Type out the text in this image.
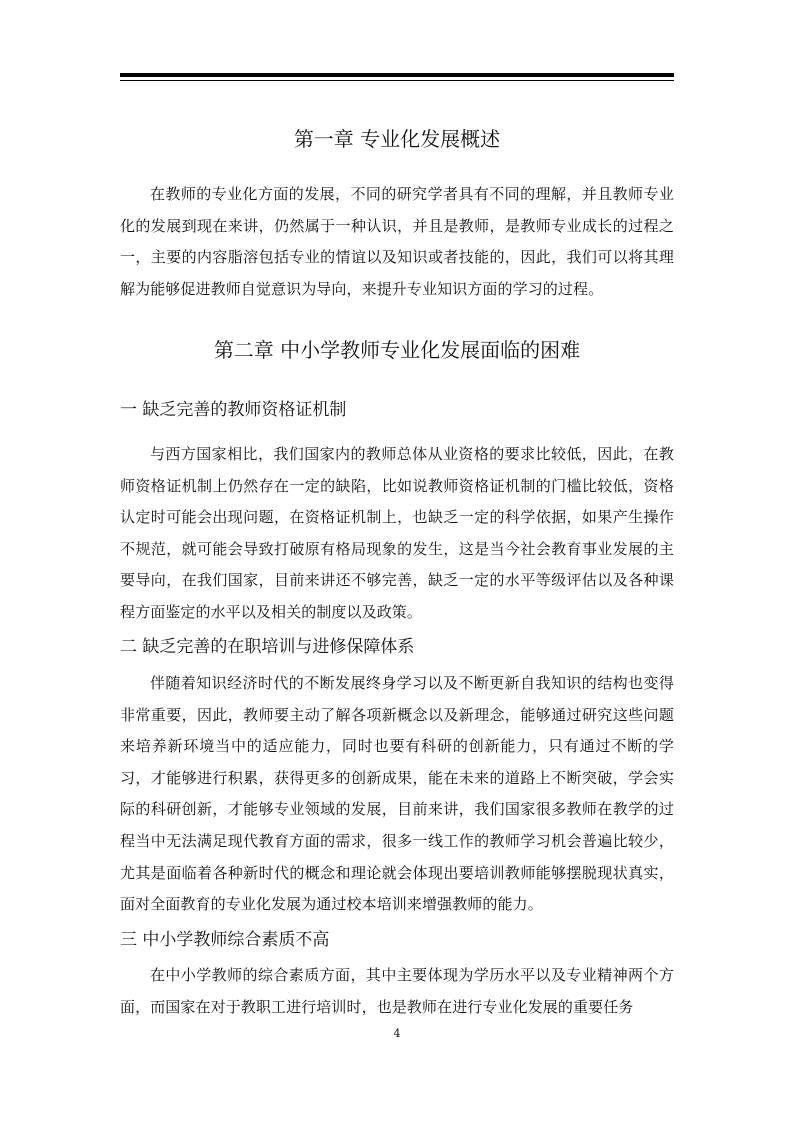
第一章 专业化发展概述
在教师的专业化方面的发展，不同的研究学者具有不同的理解，并且教师专业化的发展到现在来讲，仍然属于一种认识，并且是教师，是教师专业成长的过程之一，主要的内容脂溶包括专业的情谊以及知识或者技能的，因此，我们可以将其理解为能够促进教师自觉意识为导向，来提升专业知识方面的学习的过程。
第二章 中小学教师专业化发展面临的困难
一 缺乏完善的教师资格证机制
与西方国家相比，我们国家内的教师总体从业资格的要求比较低，因此，在教师资格证机制上仍然存在一定的缺陷，比如说教师资格证机制的门槛比较低，资格认定时可能会出现问题，在资格证机制上，也缺乏一定的科学依据，如果产生操作不规范，就可能会导致打破原有格局现象的发生，这是当今社会教育事业发展的主要导向，在我们国家，目前来讲还不够完善，缺乏一定的水平等级评估以及各种课程方面鉴定的水平以及相关的制度以及政策。
二 缺乏完善的在职培训与进修保障体系
伴随着知识经济时代的不断发展终身学习以及不断更新自我知识的结构也变得非常重要，因此，教师要主动了解各项新概念以及新理念，能够通过研究这些问题来培养新环境当中的适应能力，同时也要有科研的创新能力，只有通过不断的学习，才能够进行积累，获得更多的创新成果，能在未来的道路上不断突破，学会实际的科研创新，才能够专业领域的发展，目前来讲，我们国家很多教师在教学的过程当中无法满足现代教育方面的需求，很多一线工作的教师学习机会普遍比较少，尤其是面临着各种新时代的概念和理论就会体现出要培训教师能够摆脱现状真实，面对全面教育的专业化发展为通过校本培训来增强教师的能力。
三 中小学教师综合素质不高
在中小学教师的综合素质方面，其中主要体现为学历水平以及专业精神两个方面，而国家在对于教职工进行培训时，也是教师在进行专业化发展的重要任务
4
